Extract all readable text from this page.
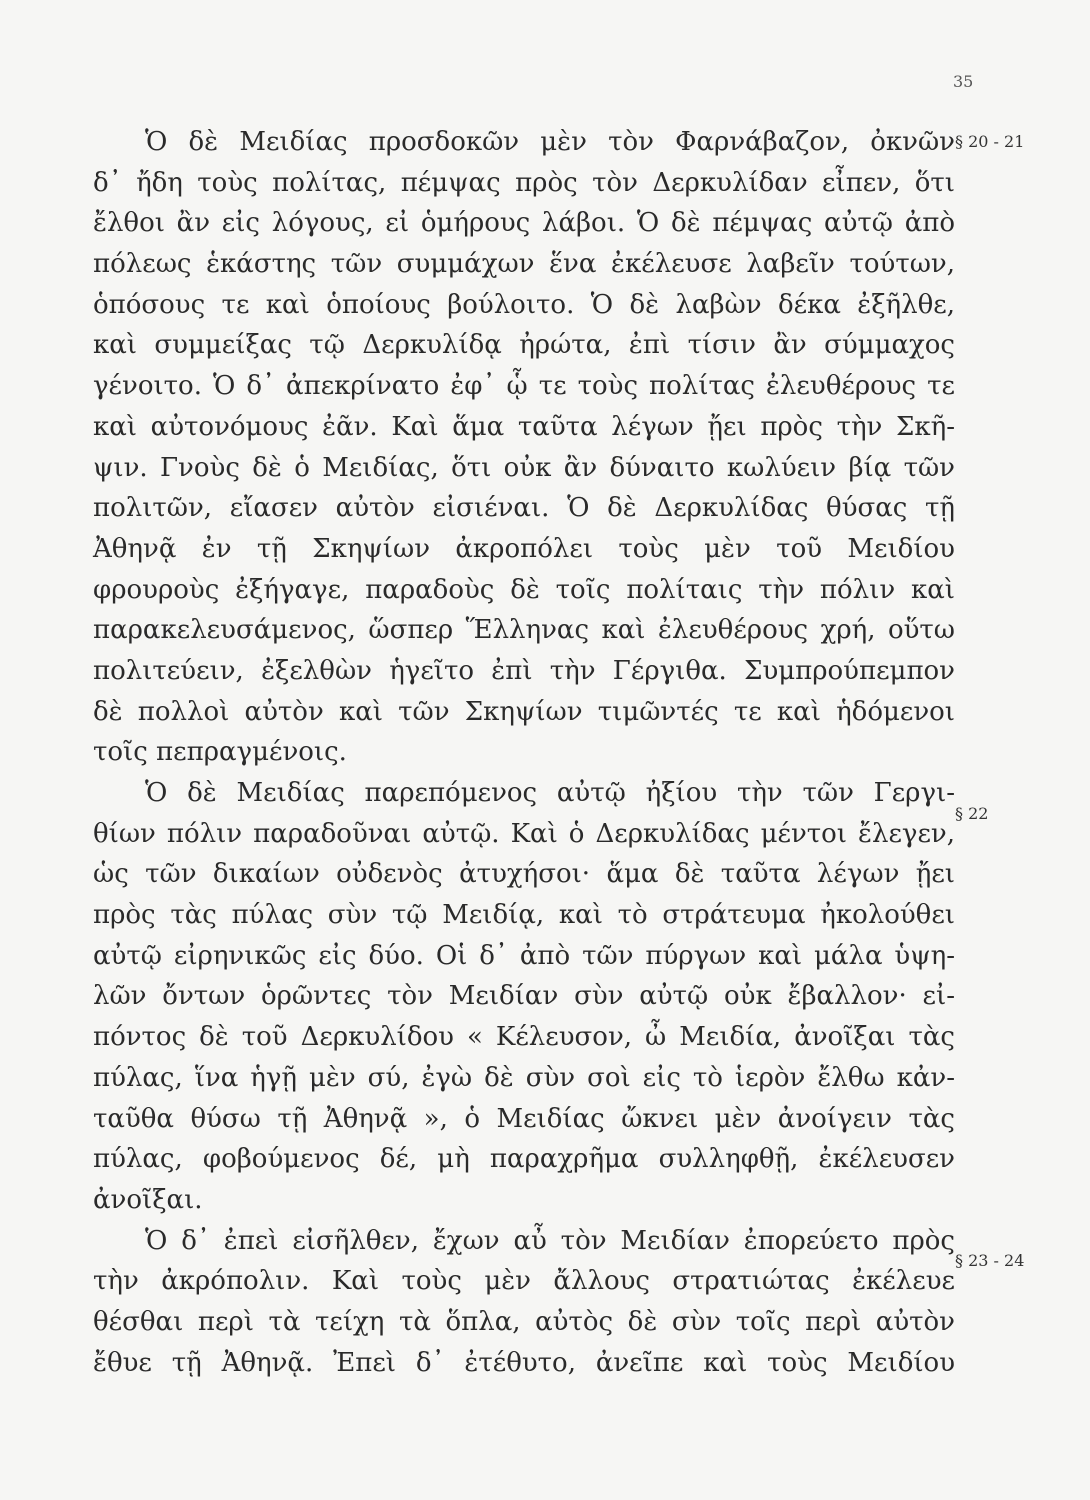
35
Ὁ δὲ Μειδίας προσδοκῶν μὲν τὸν Φαρνάβαζον, ὀκνῶν
δ᾽ ἤδη τοὺς πολίτας, πέμψας πρὸς τὸν Δερκυλίδαν εἶπεν, ὅτι
ἔλθοι ἂν εἰς λόγους, εἰ ὁμήρους λάβοι. Ὁ δὲ πέμψας αὐτῷ ἀπὸ
πόλεως ἑκάστης τῶν συμμάχων ἕνα ἐκέλευσε λαβεῖν τούτων,
ὁπόσους τε καὶ ὁποίους βούλοιτο. Ὁ δὲ λαβὼν δέκα ἐξῆλθε,
καὶ συμμείξας τῷ Δερκυλίδᾳ ἠρώτα, ἐπὶ τίσιν ἂν σύμμαχος
γένοιτο. Ὁ δ᾽ ἀπεκρίνατο ἐφ᾽ ᾧ τε τοὺς πολίτας ἐλευθέρους τε
καὶ αὐτονόμους ἐᾶν. Καὶ ἅμα ταῦτα λέγων ᾔει πρὸς τὴν Σκῆ-
ψιν. Γνοὺς δὲ ὁ Μειδίας, ὅτι οὐκ ἂν δύναιτο κωλύειν βίᾳ τῶν
πολιτῶν, εἴασεν αὐτὸν εἰσιέναι. Ὁ δὲ Δερκυλίδας θύσας τῇ
Ἀθηνᾷ ἐν τῇ Σκηψίων ἀκροπόλει τοὺς μὲν τοῦ Μειδίου
φρουροὺς ἐξήγαγε, παραδοὺς δὲ τοῖς πολίταις τὴν πόλιν καὶ
παρακελευσάμενος, ὥσπερ Ἕλληνας καὶ ἐλευθέρους χρή, οὕτω
πολιτεύειν, ἐξελθὼν ἡγεῖτο ἐπὶ τὴν Γέργιθα. Συμπρούπεμπον
δὲ πολλοὶ αὐτὸν καὶ τῶν Σκηψίων τιμῶντές τε καὶ ἡδόμενοι
τοῖς πεπραγμένοις.
Ὁ δὲ Μειδίας παρεπόμενος αὐτῷ ἠξίου τὴν τῶν Γεργι-
θίων πόλιν παραδοῦναι αὐτῷ. Καὶ ὁ Δερκυλίδας μέντοι ἔλεγεν,
ὡς τῶν δικαίων οὐδενὸς ἀτυχήσοι· ἅμα δὲ ταῦτα λέγων ᾔει
πρὸς τὰς πύλας σὺν τῷ Μειδίᾳ, καὶ τὸ στράτευμα ἠκολούθει
αὐτῷ εἰρηνικῶς εἰς δύο. Οἱ δ᾽ ἀπὸ τῶν πύργων καὶ μάλα ὑψη-
λῶν ὄντων ὁρῶντες τὸν Μειδίαν σὺν αὐτῷ οὐκ ἔβαλλον· εἰ-
πόντος δὲ τοῦ Δερκυλίδου « Κέλευσον, ὦ Μειδία, ἀνοῖξαι τὰς
πύλας, ἵνα ἡγῇ μὲν σύ, ἐγὼ δὲ σὺν σοὶ εἰς τὸ ἱερὸν ἔλθω κἀν-
ταῦθα θύσω τῇ Ἀθηνᾷ », ὁ Μειδίας ὤκνει μὲν ἀνοίγειν τὰς
πύλας, φοβούμενος δέ, μὴ παραχρῆμα συλληφθῇ, ἐκέλευσεν
ἀνοῖξαι.
Ὁ δ᾽ ἐπεὶ εἰσῆλθεν, ἔχων αὖ τὸν Μειδίαν ἐπορεύετο πρὸς
τὴν ἀκρόπολιν. Καὶ τοὺς μὲν ἄλλους στρατιώτας ἐκέλευε
θέσθαι περὶ τὰ τείχη τὰ ὅπλα, αὐτὸς δὲ σὺν τοῖς περὶ αὐτὸν
ἔθυε τῇ Ἀθηνᾷ. Ἐπεὶ δ᾽ ἐτέθυτο, ἀνεῖπε καὶ τοὺς Μειδίου
§ 20 - 21
§ 22
§ 23 - 24
